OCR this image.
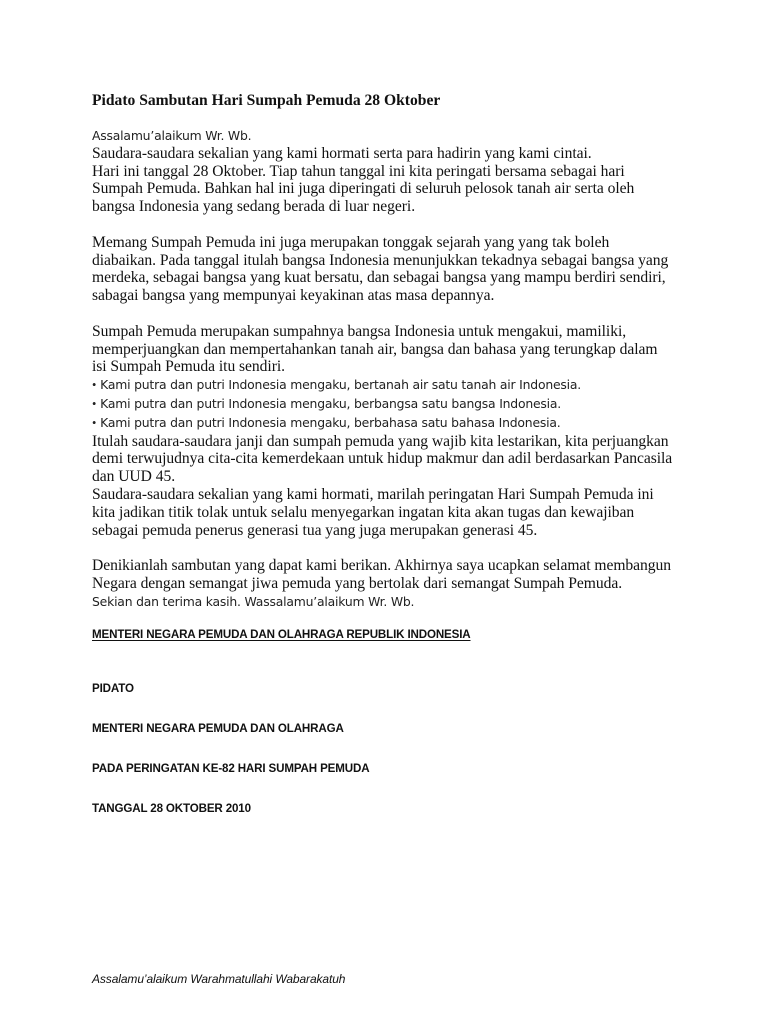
Pidato Sambutan Hari Sumpah Pemuda 28 Oktober

Assalamu’alaikum Wr. Wb.

Saudara-saudara sekalian yang kami hormati serta para hadirin yang kami cintai.

Hari ini tanggal 28 Oktober. Tiap tahun tanggal ini kita peringati bersama sebagai hari

Sumpah Pemuda. Bahkan hal ini juga diperingati di seluruh pelosok tanah air serta oleh

bangsa Indonesia yang sedang berada di luar negeri.

Memang Sumpah Pemuda ini juga merupakan tonggak sejarah yang yang tak boleh

diabaikan. Pada tanggal itulah bangsa Indonesia menunjukkan tekadnya sebagai bangsa yang

merdeka, sebagai bangsa yang kuat bersatu, dan sebagai bangsa yang mampu berdiri sendiri,

sabagai bangsa yang mempunyai keyakinan atas masa depannya.

Sumpah Pemuda merupakan sumpahnya bangsa Indonesia untuk mengakui, mamiliki,

memperjuangkan dan mempertahankan tanah air, bangsa dan bahasa yang terungkap dalam

isi Sumpah Pemuda itu sendiri.

• Kami putra dan putri Indonesia mengaku, bertanah air satu tanah air Indonesia.

• Kami putra dan putri Indonesia mengaku, berbangsa satu bangsa Indonesia.

• Kami putra dan putri Indonesia mengaku, berbahasa satu bahasa Indonesia.

Itulah saudara-saudara janji dan sumpah pemuda yang wajib kita lestarikan, kita perjuangkan

demi terwujudnya cita-cita kemerdekaan untuk hidup makmur dan adil berdasarkan Pancasila

dan UUD 45.

Saudara-saudara sekalian yang kami hormati, marilah peringatan Hari Sumpah Pemuda ini

kita jadikan titik tolak untuk selalu menyegarkan ingatan kita akan tugas dan kewajiban

sebagai pemuda penerus generasi tua yang juga merupakan generasi 45.

Denikianlah sambutan yang dapat kami berikan. Akhirnya saya ucapkan selamat membangun

Negara dengan semangat jiwa pemuda yang bertolak dari semangat Sumpah Pemuda.

Sekian dan terima kasih. Wassalamu’alaikum Wr. Wb.

MENTERI NEGARA PEMUDA DAN OLAHRAGA REPUBLIK INDONESIA
PIDATO
MENTERI NEGARA PEMUDA DAN OLAHRAGA
PADA PERINGATAN KE-82 HARI SUMPAH PEMUDA
TANGGAL 28 OKTOBER 2010
Assalamu’alaikum Warahmatullahi Wabarakatuh
